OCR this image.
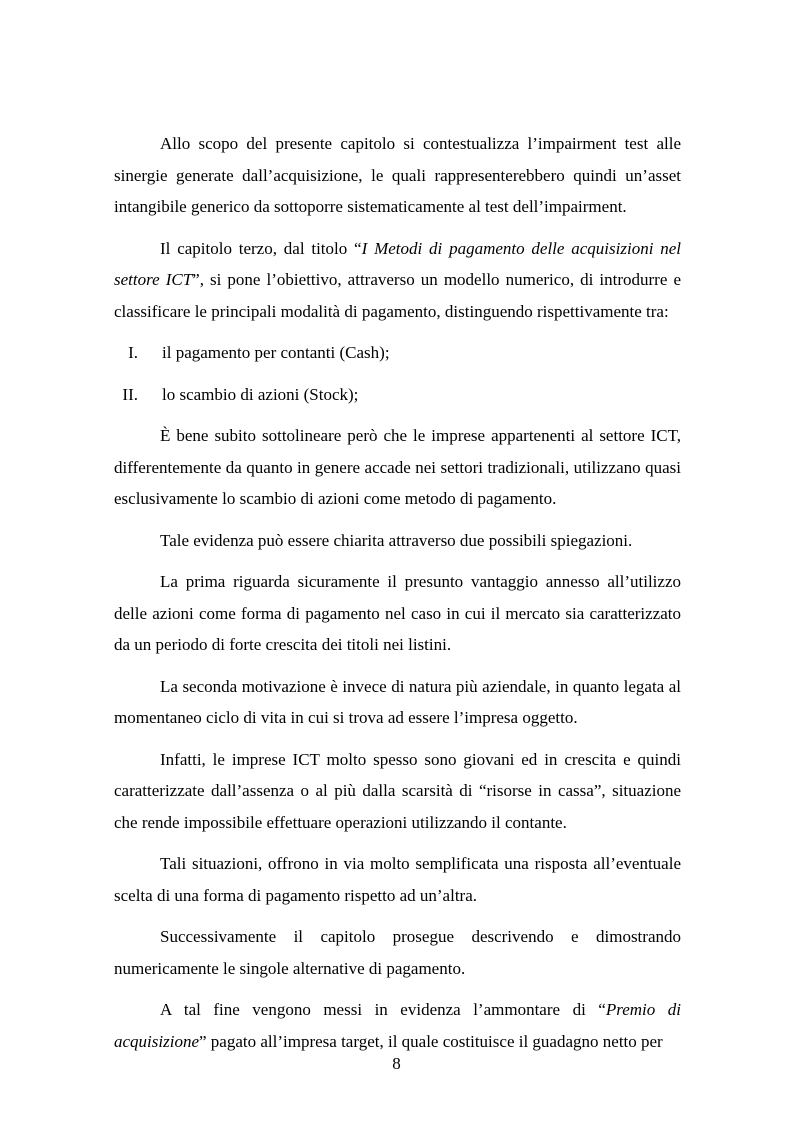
Allo scopo del presente capitolo si contestualizza l’impairment test alle sinergie generate dall’acquisizione, le quali rappresenterebbero quindi un’asset intangibile generico da sottoporre sistematicamente al test dell’impairment.

Il capitolo terzo, dal titolo “I Metodi di pagamento delle acquisizioni nel settore ICT”, si pone l’obiettivo, attraverso un modello numerico, di introdurre e classificare le principali modalità di pagamento, distinguendo rispettivamente tra:

I. il pagamento per contanti (Cash);
II. lo scambio di azioni (Stock);

È bene subito sottolineare però che le imprese appartenenti al settore ICT, differentemente da quanto in genere accade nei settori tradizionali, utilizzano quasi esclusivamente lo scambio di azioni come metodo di pagamento.

Tale evidenza può essere chiarita attraverso due possibili spiegazioni.

La prima riguarda sicuramente il presunto vantaggio annesso all’utilizzo delle azioni come forma di pagamento nel caso in cui il mercato sia caratterizzato da un periodo di forte crescita dei titoli nei listini.

La seconda motivazione è invece di natura più aziendale, in quanto legata al momentaneo ciclo di vita in cui si trova ad essere l’impresa oggetto.

Infatti, le imprese ICT molto spesso sono giovani ed in crescita e quindi caratterizzate dall’assenza o al più dalla scarsità di “risorse in cassa”, situazione che rende impossibile effettuare operazioni utilizzando il contante.

Tali situazioni, offrono in via molto semplificata una risposta all’eventuale scelta di una forma di pagamento rispetto ad un’altra.

Successivamente il capitolo prosegue descrivendo e dimostrando numericamente le singole alternative di pagamento.

A tal fine vengono messi in evidenza l’ammontare di “Premio di acquisizione” pagato all’impresa target, il quale costituisce il guadagno netto per

8
